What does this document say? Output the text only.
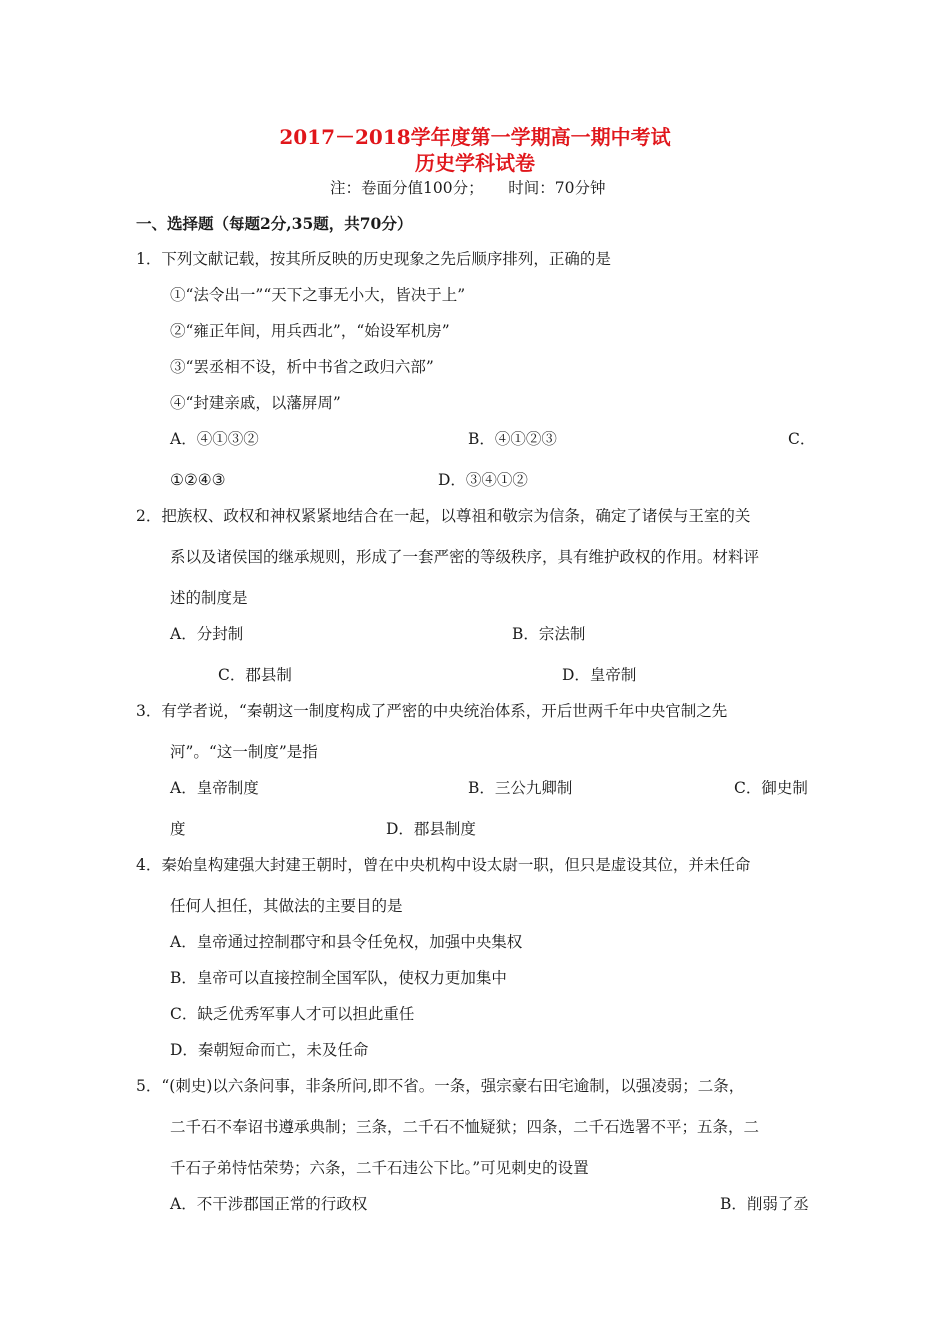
2017－2018学年度第一学期高一期中考试
历史学科试卷
注：卷面分值100分；     时间：70分钟
一、选择题（每题2分,35题，共70分）
1．下列文献记载，按其所反映的历史现象之先后顺序排列，正确的是
①“法令出一”“天下之事无小大，皆决于上”
②“雍正年间，用兵西北”，“始设军机房”
③“罢丞相不设，析中书省之政归六部”
④“封建亲戚，以藩屏周”
A．④①③②	B．④①②③	C．
①②④③	D．③④①②
2．把族权、政权和神权紧紧地结合在一起，以尊祖和敬宗为信条，确定了诸侯与王室的关
系以及诸侯国的继承规则，形成了一套严密的等级秩序，具有维护政权的作用。材料评
述的制度是
A．分封制	B．宗法制
C．郡县制	D．皇帝制
3．有学者说，“秦朝这一制度构成了严密的中央统治体系，开后世两千年中央官制之先
河”。“这一制度”是指
A．皇帝制度	B．三公九卿制	C．御史制
度	D．郡县制度
4．秦始皇构建强大封建王朝时，曾在中央机构中设太尉一职，但只是虚设其位，并未任命
任何人担任，其做法的主要目的是
A．皇帝通过控制郡守和县令任免权，加强中央集权
B．皇帝可以直接控制全国军队，使权力更加集中
C．缺乏优秀军事人才可以担此重任
D．秦朝短命而亡，未及任命
5．“(刺史)以六条问事，非条所问,即不省。一条，强宗豪右田宅逾制，以强凌弱；二条，
二千石不奉诏书遵承典制；三条，二千石不恤疑狱；四条，二千石选署不平；五条，二
千石子弟恃怙荣势；六条，二千石违公下比。”可见刺史的设置
A．不干涉郡国正常的行政权	B．削弱了丞
